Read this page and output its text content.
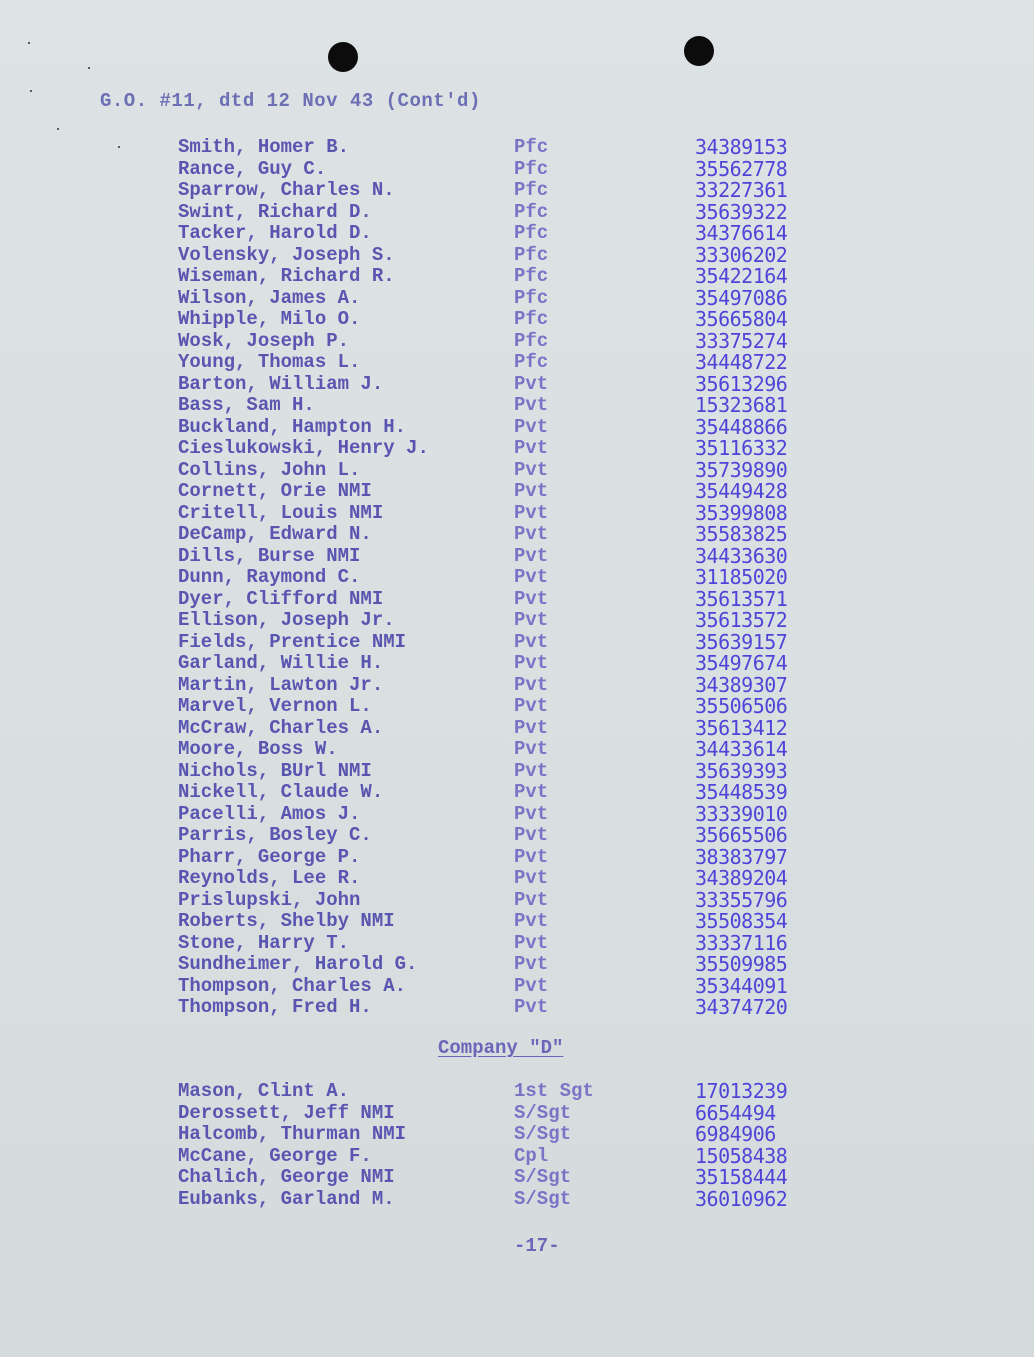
G.O. #11, dtd 12 Nov 43 (Cont'd)
Smith, Homer B.	Pfc	34389153
Rance, Guy C.	Pfc	35562778
Sparrow, Charles N.	Pfc	33227361
Swint, Richard D.	Pfc	35639322
Tacker, Harold D.	Pfc	34376614
Volensky, Joseph S.	Pfc	33306202
Wiseman, Richard R.	Pfc	35422164
Wilson, James A.	Pfc	35497086
Whipple, Milo O.	Pfc	35665804
Wosk, Joseph P.	Pfc	33375274
Young, Thomas L.	Pfc	34448722
Barton, William J.	Pvt	35613296
Bass, Sam H.	Pvt	15323681
Buckland, Hampton H.	Pvt	35448866
Cieslukowski, Henry J.	Pvt	35116332
Collins, John L.	Pvt	35739890
Cornett, Orie NMI	Pvt	35449428
Critell, Louis NMI	Pvt	35399808
DeCamp, Edward N.	Pvt	35583825
Dills, Burse NMI	Pvt	34433630
Dunn, Raymond C.	Pvt	31185020
Dyer, Clifford NMI	Pvt	35613571
Ellison, Joseph Jr.	Pvt	35613572
Fields, Prentice NMI	Pvt	35639157
Garland, Willie H.	Pvt	35497674
Martin, Lawton Jr.	Pvt	34389307
Marvel, Vernon L.	Pvt	35506506
McCraw, Charles A.	Pvt	35613412
Moore, Boss W.	Pvt	34433614
Nichols, BUrl NMI	Pvt	35639393
Nickell, Claude W.	Pvt	35448539
Pacelli, Amos J.	Pvt	33339010
Parris, Bosley C.	Pvt	35665506
Pharr, George P.	Pvt	38383797
Reynolds, Lee R.	Pvt	34389204
Prislupski, John	Pvt	33355796
Roberts, Shelby NMI	Pvt	35508354
Stone, Harry T.	Pvt	33337116
Sundheimer, Harold G.	Pvt	35509985
Thompson, Charles A.	Pvt	35344091
Thompson, Fred H.	Pvt	34374720
Company "D"
Mason, Clint A.	1st Sgt	17013239
Derossett, Jeff NMI	S/Sgt	6654494
Halcomb, Thurman NMI	S/Sgt	6984906
McCane, George F.	Cpl	15058438
Chalich, George NMI	S/Sgt	35158444
Eubanks, Garland M.	S/Sgt	36010962
-17-
